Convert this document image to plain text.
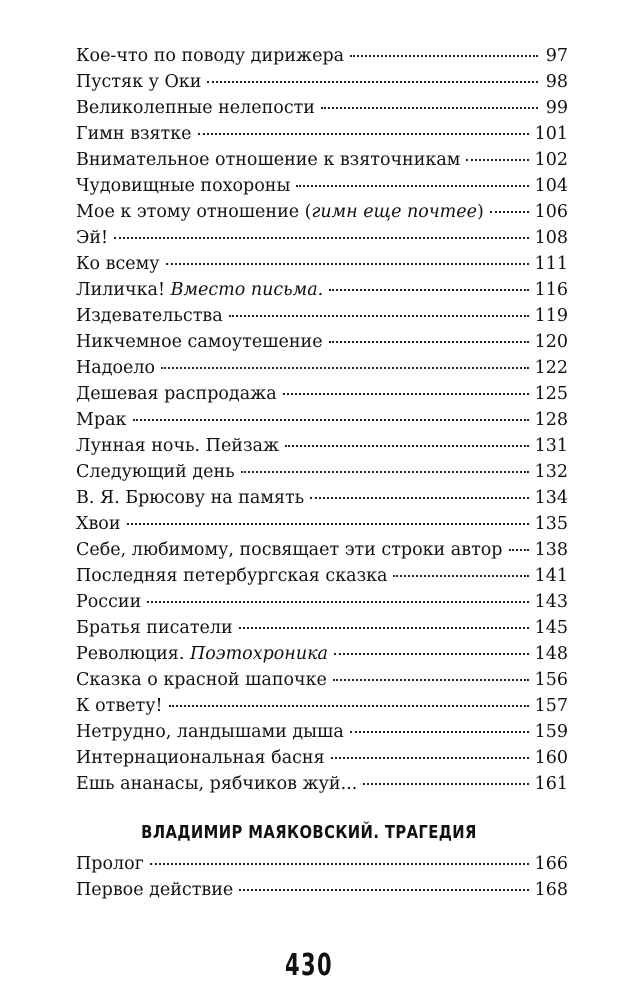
Кое-что по поводу дирижера	97
Пустяк у Оки	98
Великолепные нелепости	99
Гимн взятке	101
Внимательное отношение к взяточникам	102
Чудовищные похороны	104
Мое к этому отношение (гимн еще почтее)	106
Эй!	108
Ко всему	111
Лиличка! Вместо письма.	116
Издевательства	119
Никчемное самоутешение	120
Надоело	122
Дешевая распродажа	125
Мрак	128
Лунная ночь. Пейзаж	131
Следующий день	132
В. Я. Брюсову на память	134
Хвои	135
Себе, любимому, посвящает эти строки автор 138
Последняя петербургская сказка	141
России	143
Братья писатели	145
Революция. Поэтохроника	148
Сказка о красной шапочке	156
К ответу!	157
Нетрудно, ландышами дыша	159
Интернациональная басня	160
Ешь ананасы, рябчиков жуй...	161
ВЛАДИМИР МАЯКОВСКИЙ. ТРАГЕДИЯ
Пролог	166
Первое действие	168
430
